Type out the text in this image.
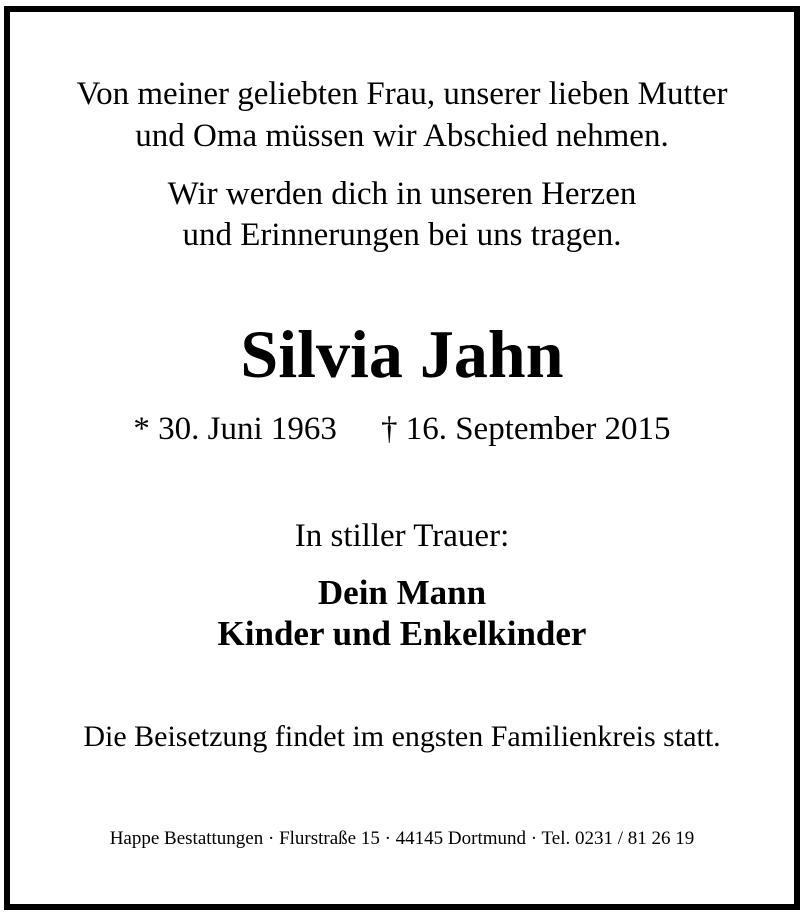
Von meiner geliebten Frau, unserer lieben Mutter
und Oma müssen wir Abschied nehmen.
Wir werden dich in unseren Herzen
und Erinnerungen bei uns tragen.
Silvia Jahn
* 30. Juni 1963 † 16. September 2015
In stiller Trauer:
Dein Mann
Kinder und Enkelkinder
Die Beisetzung findet im engsten Familienkreis statt.
Happe Bestattungen · Flurstraße 15 · 44145 Dortmund · Tel. 0231 / 81 26 19
